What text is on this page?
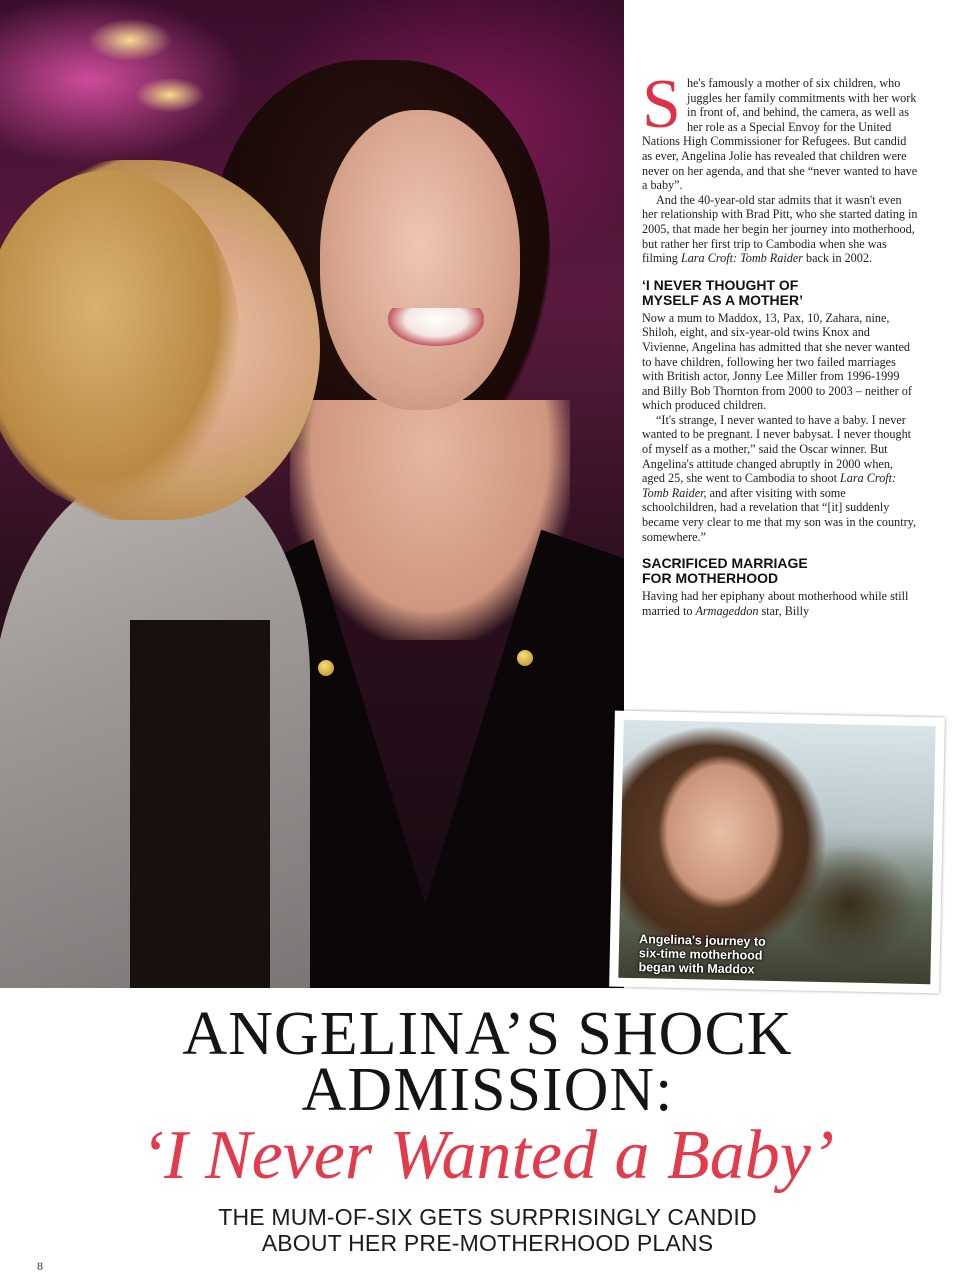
She's famously a mother of six children, who juggles her family commitments with her work in front of, and behind, the camera, as well as her role as a Special Envoy for the United Nations High Commissioner for Refugees. But candid as ever, Angelina Jolie has revealed that children were never on her agenda, and that she “never wanted to have a baby”.

And the 40-year-old star admits that it wasn't even her relationship with Brad Pitt, who she started dating in 2005, that made her begin her journey into motherhood, but rather her first trip to Cambodia when she was filming Lara Croft: Tomb Raider back in 2002.

‘I NEVER THOUGHT OF
MYSELF AS A MOTHER’

Now a mum to Maddox, 13, Pax, 10, Zahara, nine, Shiloh, eight, and six-year-old twins Knox and Vivienne, Angelina has admitted that she never wanted to have children, following her two failed marriages with British actor, Jonny Lee Miller from 1996-1999 and Billy Bob Thornton from 2000 to 2003 – neither of which produced children.

“It's strange, I never wanted to have a baby. I never wanted to be pregnant. I never babysat. I never thought of myself as a mother,” said the Oscar winner. But Angelina's attitude changed abruptly in 2000 when, aged 25, she went to Cambodia to shoot Lara Croft: Tomb Raider, and after visiting with some schoolchildren, had a revelation that “[it] suddenly became very clear to me that my son was in the country, somewhere.”

SACRIFICED MARRIAGE
FOR MOTHERHOOD

Having had her epiphany about motherhood while still married to Armageddon star, Billy

Angelina's journey to six-time motherhood began with Maddox
ANGELINA’S SHOCK
ADMISSION:
‘I Never Wanted a Baby’
THE MUM-OF-SIX GETS SURPRISINGLY CANDID
ABOUT HER PRE-MOTHERHOOD PLANS
8
